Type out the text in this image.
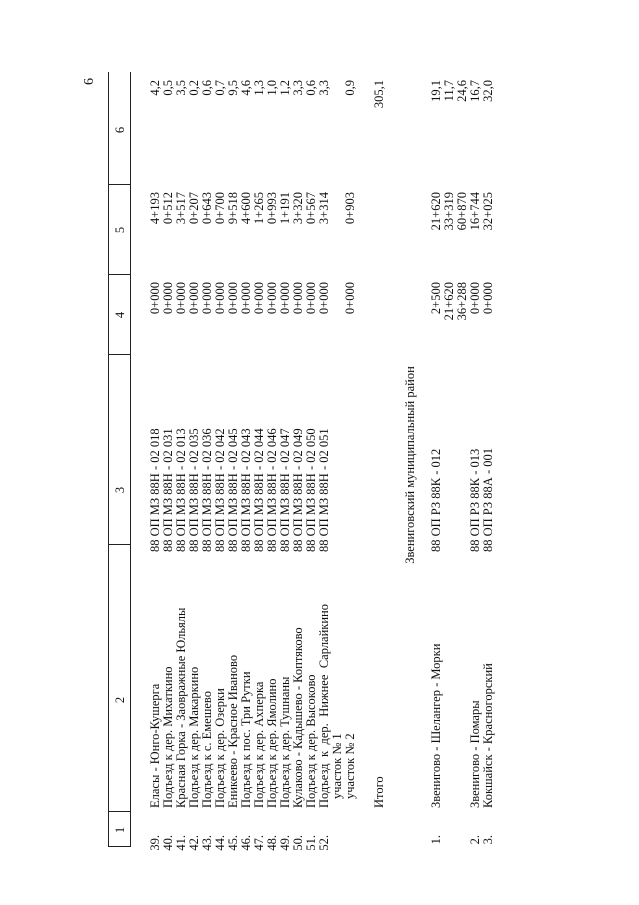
6
1
2
3
4
5
6
39.
Еласы - Юнго-Кушерга
88 ОП МЗ 88Н - 02 018
0+000
4+193
4,2
40.
Подъезд к дер. Михаткино
88 ОП МЗ 88Н - 02 031
0+000
0+512
0,5
41.
Красная Горка - Заовражные Юльялы
88 ОП МЗ 88Н - 02 013
0+000
3+517
3,5
42.
Подъезд к дер. Макаркино
88 ОП МЗ 88Н - 02 035
0+000
0+207
0,2
43.
Подъезд к с. Емешево
88 ОП МЗ 88Н - 02 036
0+000
0+643
0,6
44.
Подъезд к дер. Озерки
88 ОП МЗ 88Н - 02 042
0+000
0+700
0,7
45.
Еникеево - Красное Иваново
88 ОП МЗ 88Н - 02 045
0+000
9+518
9,5
46.
Подъезд к пос. Три Рутки
88 ОП МЗ 88Н - 02 043
0+000
4+600
4,6
47.
Подъезд к дер. Ахперка
88 ОП МЗ 88Н - 02 044
0+000
1+265
1,3
48.
Подъезд к дер. Ямолино
88 ОП МЗ 88Н - 02 046
0+000
0+993
1,0
49.
Подъезд к дер. Тушнаны
88 ОП МЗ 88Н - 02 047
0+000
1+191
1,2
50.
Кулаково - Кадышево - Коптяково
88 ОП МЗ 88Н - 02 049
0+000
3+320
3,3
51.
Подъезд к дер. Высоково
88 ОП МЗ 88Н - 02 050
0+000
0+567
0,6
52.
Подъезд
к
дер.
Нижнее
Сарлайкино
88 ОП МЗ 88Н - 02 051
0+000
3+314
3,3
участок № 1 участок № 2
0+000
0+903
0,9
Итого
305,1
Звениговский муниципальный район
1.
Звенигово - Шелангер - Морки
88 ОП РЗ 88К - 012
2+500
21+620
19,1
21+620
33+319
11,7
36+288
60+870
24,6
2.
Звенигово - Помары
88 ОП РЗ 88К - 013
0+000
16+744
16,7
3.
Кокшайск - Красногорский
88 ОП РЗ 88А - 001
0+000
32+025
32,0
